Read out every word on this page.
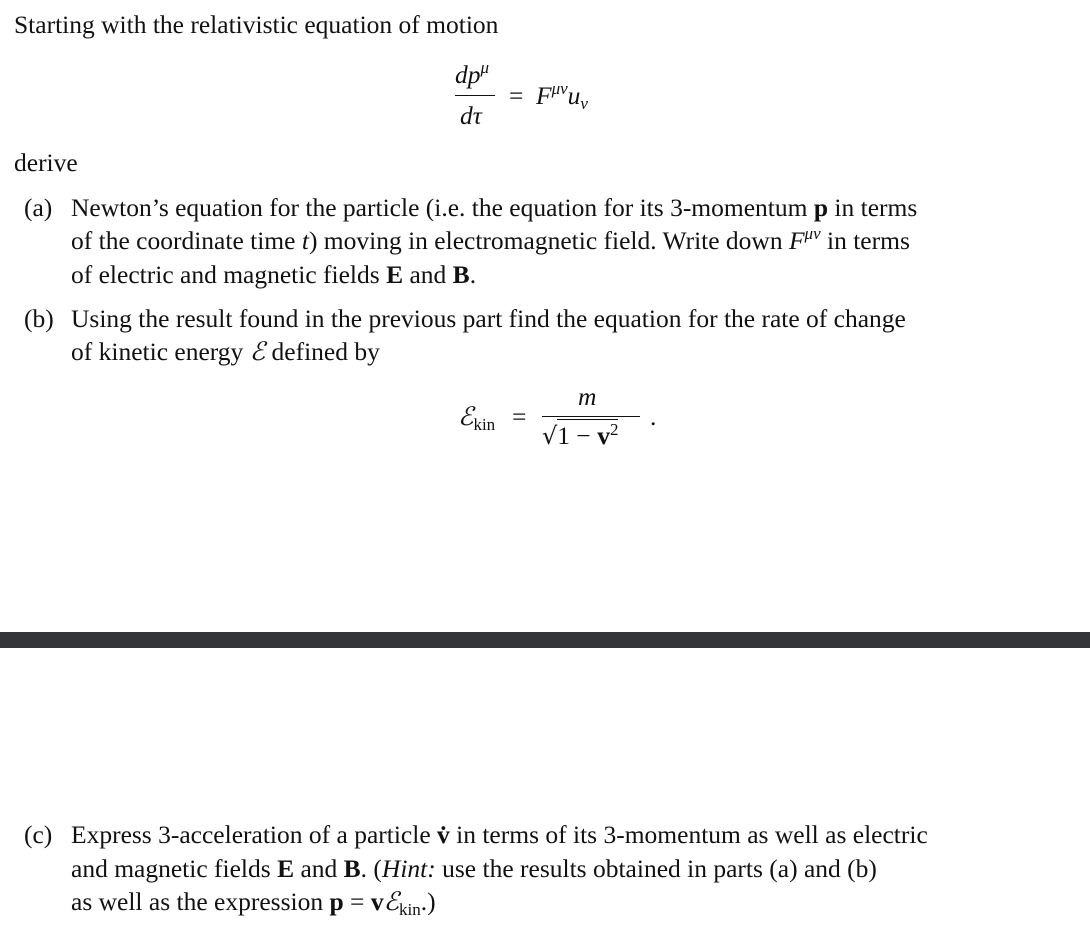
Starting with the relativistic equation of motion
$dp^\mu$
dτ
= $F^{\mu\nu}u\nu$
derive
(a) Newton’s equation for the particle (i.e. the equation for its 3-momentum p in terms
of the coordinate time t) moving in electromagnetic field. Write down $F^{\mu\nu}$ in terms
of electric and magnetic fields E and B.
(b) Using the result found in the previous part find the equation for the rate of change
of kinetic energy ℰ defined by
ℰkin =
m
$√1 - v^2$ .
(c) Express 3-acceleration of a particle v̇ in terms of its 3-momentum as well as electric
and magnetic fields E and B. (Hint: use the results obtained in parts (a) and (b)
as well as the expression p = vℰkin.)
